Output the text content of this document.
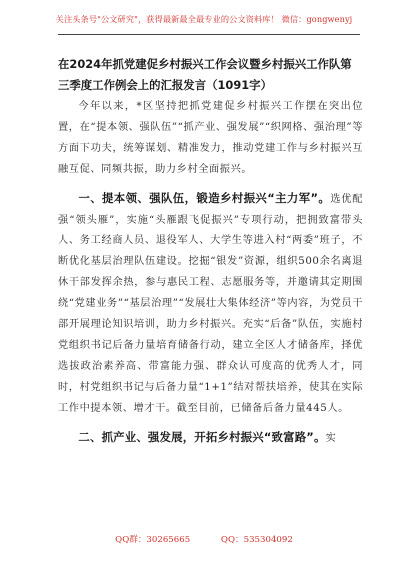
关注头条号"公文研究"，获得最新最全最专业的公文资料库！ 微信：gongwenyj
在2024年抓党建促乡村振兴工作会议暨乡村振兴工作队第三季度工作例会上的汇报发言（1091字）

今年以来，*区坚持把抓党建促乡村振兴工作摆在突出位置，在“提本领、强队伍”“抓产业、强发展”“织网格、强治理”等方面下功夫，统筹谋划、精准发力，推动党建工作与乡村振兴互融互促、同频共振，助力乡村全面振兴。

一、提本领、强队伍，锻造乡村振兴“主力军”。选优配强“领头雁”，实施“头雁跟飞促振兴”专项行动，把拥致富带头人、务工经商人员、退役军人、大学生等进入村“两委”班子，不断优化基层治理队伍建设。挖掘“银发”资源，组织500余名离退休干部发挥余热，参与惠民工程、志愿服务等，并邀请其定期围绕“党建业务”“基层治理”“发展壮大集体经济”等内容，为党员干部开展理论知识培训，助力乡村振兴。充实“后备”队伍，实施村党组织书记后备力量培育储备行动，建立全区人才储备库，择优选拔政治素养高、带富能力强、群众认可度高的优秀人才，同时，村党组织书记与后备力量“1+1”结对帮扶培养，使其在实际工作中提本领、增才干。截至目前，已储备后备力量445人。

二、抓产业、强发展，开拓乡村振兴“致富路”。实

QQ群：30265665	QQ：535304092
